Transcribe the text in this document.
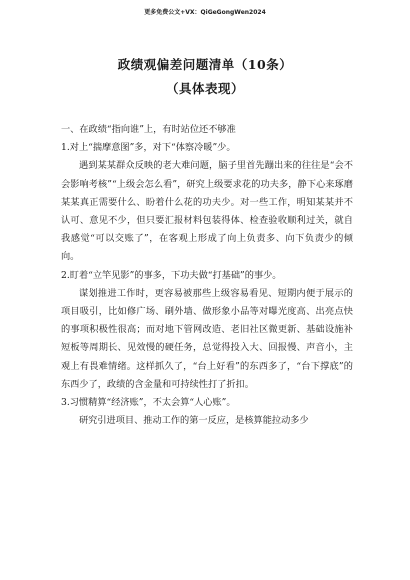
更多免费公文+VX：QiGeGongWen2024
政绩观偏差问题清单（10条）
（具体表现）

一、在政绩“指向谁”上，有时站位还不够准

1.对上“揣摩意图”多，对下“体察冷暖”少。

遇到某某群众反映的老大难问题，脑子里首先蹦出来的往往是“会不会影响考核”“上级会怎么看”，研究上级要求花的功夫多，静下心来琢磨某某真正需要什么、盼着什么花的功夫少。对一些工作，明知某某并不认可、意见不少，但只要汇报材料包装得体、检查验收顺利过关，就自我感觉“可以交账了”，在客观上形成了向上负责多、向下负责少的倾向。

2.盯着“立竿见影”的事多，下功夫做“打基础”的事少。

谋划推进工作时，更容易被那些上级容易看见、短期内便于展示的项目吸引，比如修广场、刷外墙、做形象小品等对曝光度高、出亮点快的事项积极性很高；而对地下管网改造、老旧社区微更新、基础设施补短板等周期长、见效慢的硬任务，总觉得投入大、回报慢、声音小，主观上有畏难情绪。这样抓久了，“台上好看”的东西多了，“台下撑底”的东西少了，政绩的含金量和可持续性打了折扣。

3.习惯精算“经济账”，不太会算“人心账”。

研究引进项目、推动工作的第一反应，是核算能拉动多少
